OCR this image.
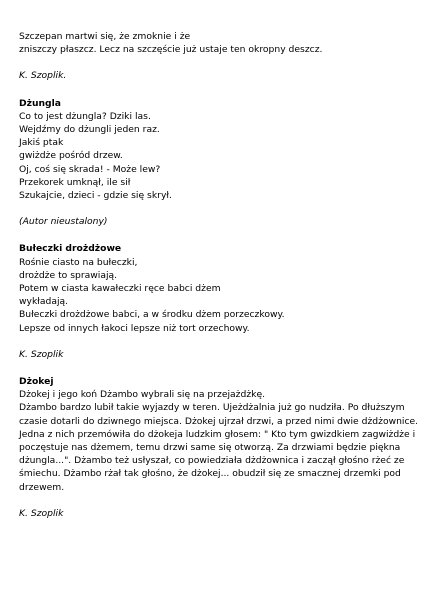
Szczepan martwi się, że zmoknie i że
zniszczy płaszcz. Lecz na szczęście już ustaje ten okropny deszcz.
K. Szoplik.
Dżungla
Co to jest dżungla? Dziki las.
Wejdźmy do dżungli jeden raz.
Jakiś ptak
gwiżdże pośród drzew.
Oj, coś się skrada! - Może lew?
Przekorek umknął, ile sił
Szukajcie, dzieci - gdzie się skrył.
(Autor nieustalony)
Bułeczki drożdżowe
Rośnie ciasto na bułeczki,
drożdże to sprawiają.
Potem w ciasta kawałeczki ręce babci dżem
wykładają.
Bułeczki drożdżowe babci, a w środku dżem porzeczkowy.
Lepsze od innych łakoci lepsze niż tort orzechowy.
K. Szoplik
Dżokej
Dżokej i jego koń Dżambo wybrali się na przejażdżkę.
Dżambo bardzo lubił takie wyjazdy w teren. Ujeżdżalnia już go nudziła. Po dłuższym
czasie dotarli do dziwnego miejsca. Dżokej ujrzał drzwi, a przed nimi dwie dżdżownice.
Jedna z nich przemówiła do dżokeja ludzkim głosem: " Kto tym gwizdkiem zagwiżdże i
poczęstuje nas dżemem, temu drzwi same się otworzą. Za drzwiami będzie piękna
dżungla...". Dżambo też usłyszał, co powiedziała dżdżownica i zaczął głośno rżeć ze
śmiechu. Dżambo rżał tak głośno, że dżokej... obudził się ze smacznej drzemki pod
drzewem.
K. Szoplik
